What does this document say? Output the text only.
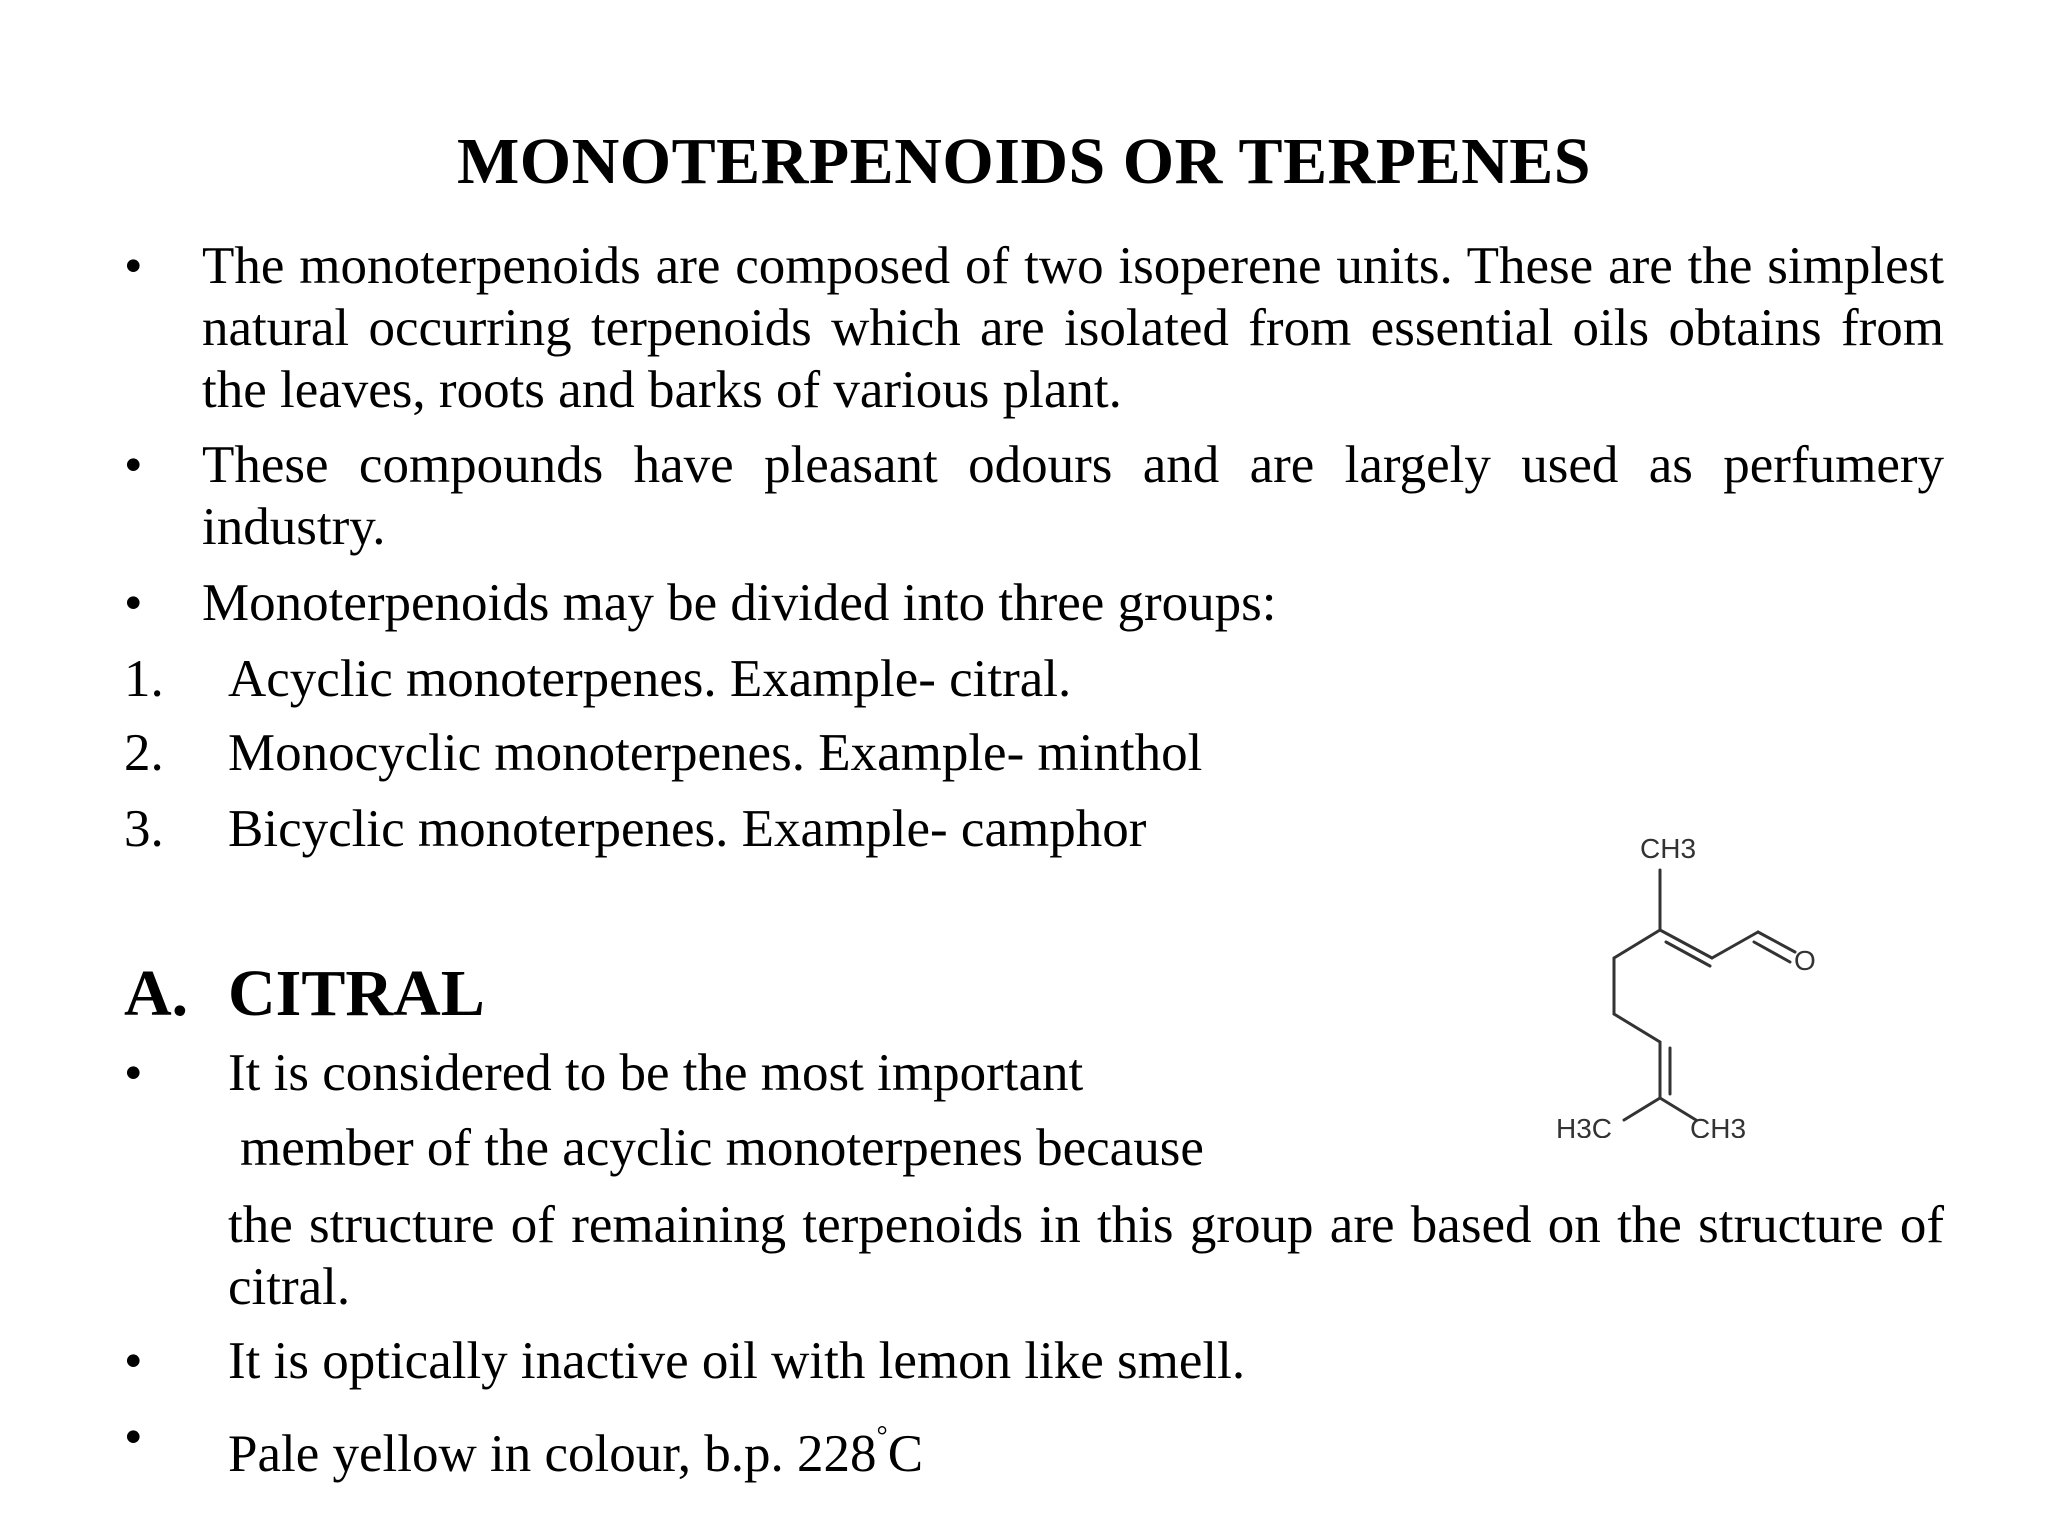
MONOTERPENOIDS OR TERPENES
• The monoterpenoids are composed of two isoperene units. These are the simplest natural occurring terpenoids which are isolated from essential oils obtains from the leaves, roots and barks of various plant.
• These compounds have pleasant odours and are largely used as perfumery industry.
• Monoterpenoids may be divided into three groups:
1. Acyclic monoterpenes. Example- citral.
2. Monocyclic monoterpenes. Example- minthol
3. Bicyclic monoterpenes. Example- camphor
A. CITRAL
• It is considered to be the most important
member of the acyclic monoterpenes because
the structure of remaining terpenoids in this group are based on the structure of citral.
• It is optically inactive oil with lemon like smell.
• Pale yellow in colour, b.p. 228°C
CH3
O
H3C	CH3
